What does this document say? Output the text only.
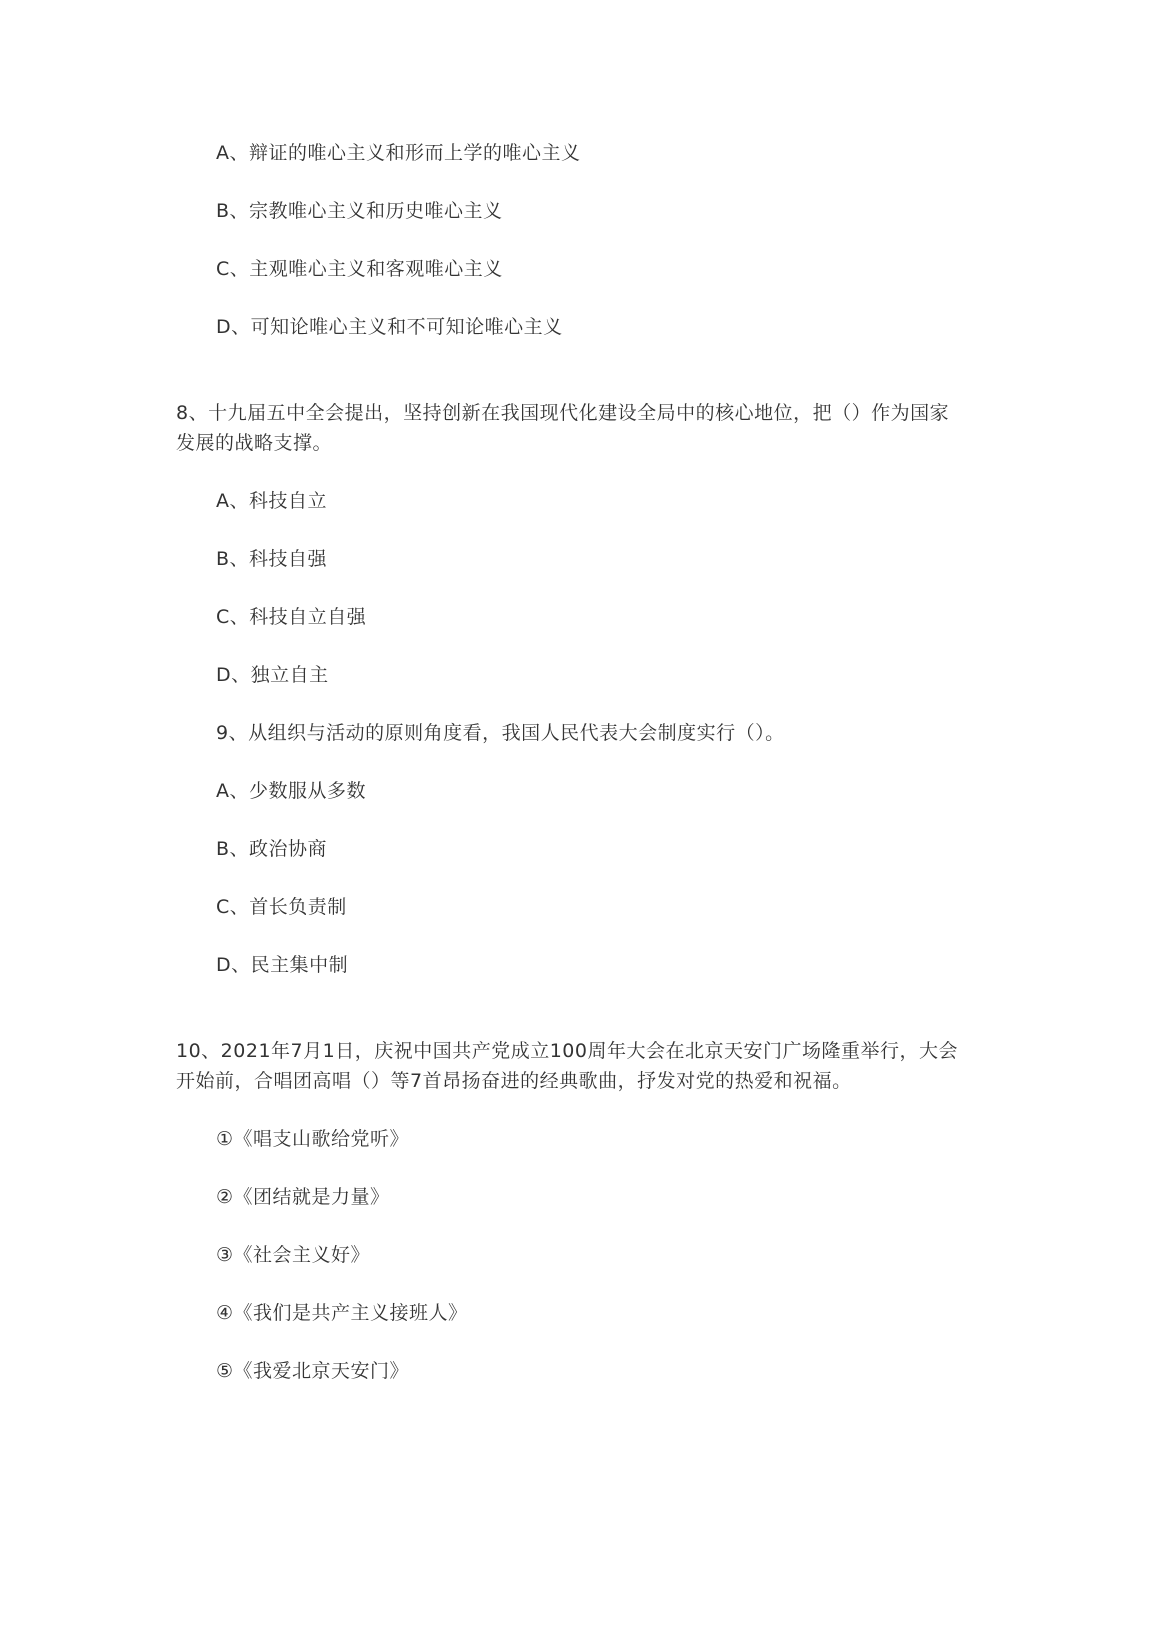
A、辩证的唯心主义和形而上学的唯心主义
B、宗教唯心主义和历史唯心主义
C、主观唯心主义和客观唯心主义
D、可知论唯心主义和不可知论唯心主义
8、十九届五中全会提出，坚持创新在我国现代化建设全局中的核心地位，把（）作为国家
发展的战略支撑。
A、科技自立
B、科技自强
C、科技自立自强
D、独立自主
9、从组织与活动的原则角度看，我国人民代表大会制度实行（）。
A、少数服从多数
B、政治协商
C、首长负责制
D、民主集中制
10、2021年7月1日，庆祝中国共产党成立100周年大会在北京天安门广场隆重举行，大会
开始前，合唱团高唱（）等7首昂扬奋进的经典歌曲，抒发对党的热爱和祝福。
①《唱支山歌给党听》
②《团结就是力量》
③《社会主义好》
④《我们是共产主义接班人》
⑤《我爱北京天安门》
